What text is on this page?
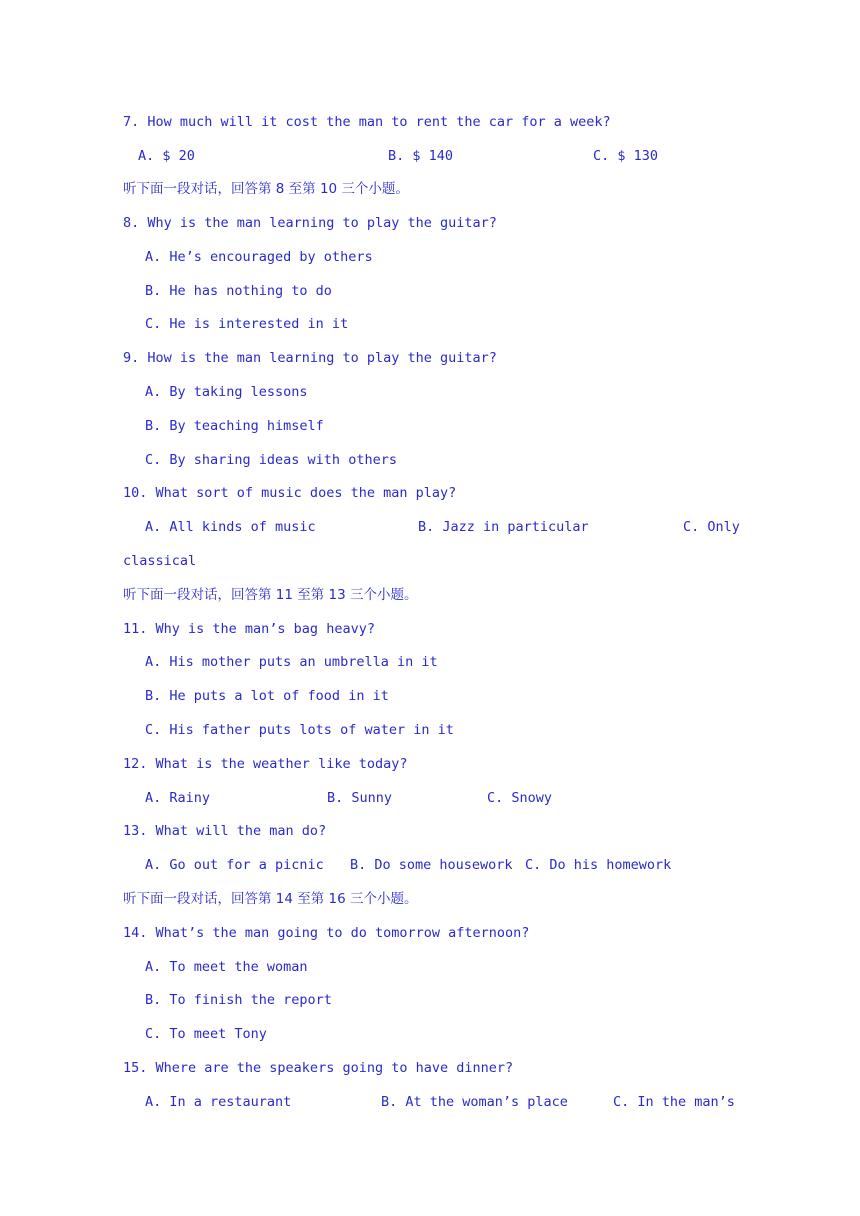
7. How much will it cost the man to rent the car for a week?
A. $ 20	B. $ 140	C. $ 130
听下面一段对话，回答第 8 至第 10 三个小题。
8. Why is the man learning to play the guitar?
A. He’s encouraged by others
B. He has nothing to do
C. He is interested in it
9. How is the man learning to play the guitar?
A. By taking lessons
B. By teaching himself
C. By sharing ideas with others
10. What sort of music does the man play?
A. All kinds of music	B. Jazz in particular	C. Only
classical
听下面一段对话，回答第 11 至第 13 三个小题。
11. Why is the man’s bag heavy?
A. His mother puts an umbrella in it
B. He puts a lot of food in it
C. His father puts lots of water in it
12. What is the weather like today?
A. Rainy	B. Sunny	C. Snowy
13. What will the man do?
A. Go out for a picnic B. Do some housework C. Do his homework
听下面一段对话，回答第 14 至第 16 三个小题。
14. What’s the man going to do tomorrow afternoon?
A. To meet the woman
B. To finish the report
C. To meet Tony
15. Where are the speakers going to have dinner?
A. In a restaurant	B. At the woman’s place	C. In the man’s
